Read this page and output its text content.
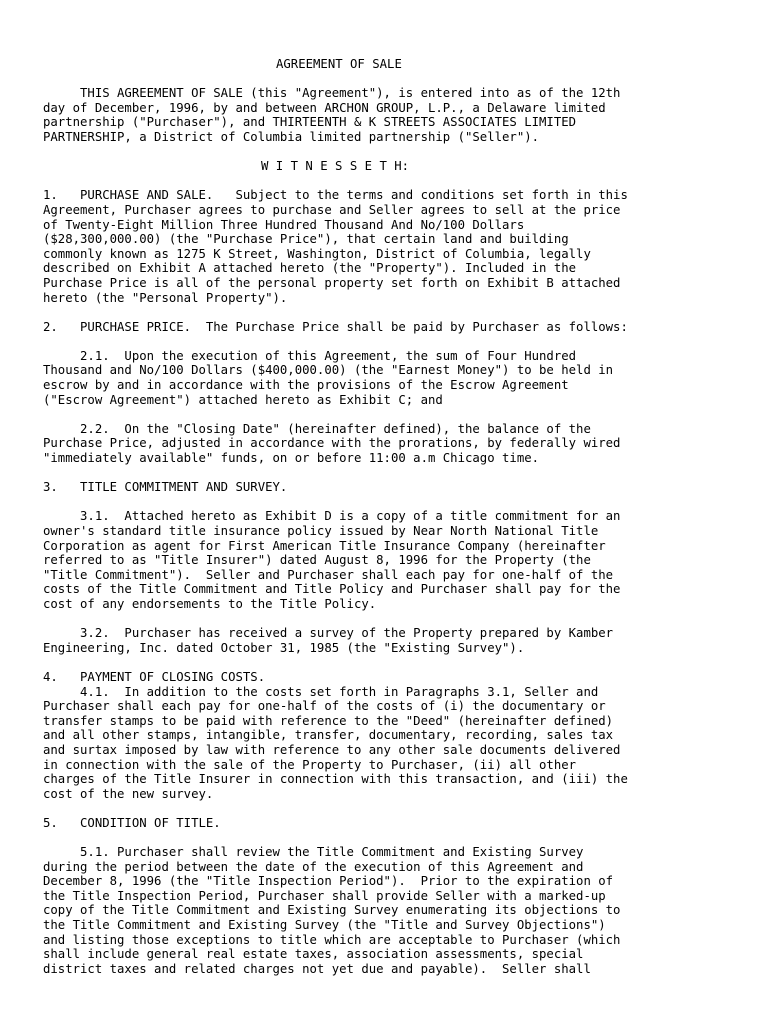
AGREEMENT OF SALE
THIS AGREEMENT OF SALE (this "Agreement"), is entered into as of the 12th
day of December, 1996, by and between ARCHON GROUP, L.P., a Delaware limited
partnership ("Purchaser"), and THIRTEENTH & K STREETS ASSOCIATES LIMITED
PARTNERSHIP, a District of Columbia limited partnership ("Seller").
W I T N E S S E T H:
1.   PURCHASE AND SALE.   Subject to the terms and conditions set forth in this
Agreement, Purchaser agrees to purchase and Seller agrees to sell at the price
of Twenty-Eight Million Three Hundred Thousand And No/100 Dollars
($28,300,000.00) (the "Purchase Price"), that certain land and building
commonly known as 1275 K Street, Washington, District of Columbia, legally
described on Exhibit A attached hereto (the "Property"). Included in the
Purchase Price is all of the personal property set forth on Exhibit B attached
hereto (the "Personal Property").
2.   PURCHASE PRICE.  The Purchase Price shall be paid by Purchaser as follows:
2.1.  Upon the execution of this Agreement, the sum of Four Hundred
Thousand and No/100 Dollars ($400,000.00) (the "Earnest Money") to be held in
escrow by and in accordance with the provisions of the Escrow Agreement
("Escrow Agreement") attached hereto as Exhibit C; and
2.2.  On the "Closing Date" (hereinafter defined), the balance of the
Purchase Price, adjusted in accordance with the prorations, by federally wired
"immediately available" funds, on or before 11:00 a.m Chicago time.
3.   TITLE COMMITMENT AND SURVEY.
3.1.  Attached hereto as Exhibit D is a copy of a title commitment for an
owner's standard title insurance policy issued by Near North National Title
Corporation as agent for First American Title Insurance Company (hereinafter
referred to as "Title Insurer") dated August 8, 1996 for the Property (the
"Title Commitment").  Seller and Purchaser shall each pay for one-half of the
costs of the Title Commitment and Title Policy and Purchaser shall pay for the
cost of any endorsements to the Title Policy.
3.2.  Purchaser has received a survey of the Property prepared by Kamber
Engineering, Inc. dated October 31, 1985 (the "Existing Survey").
4.   PAYMENT OF CLOSING COSTS.
4.1.  In addition to the costs set forth in Paragraphs 3.1, Seller and
Purchaser shall each pay for one-half of the costs of (i) the documentary or
transfer stamps to be paid with reference to the "Deed" (hereinafter defined)
and all other stamps, intangible, transfer, documentary, recording, sales tax
and surtax imposed by law with reference to any other sale documents delivered
in connection with the sale of the Property to Purchaser, (ii) all other
charges of the Title Insurer in connection with this transaction, and (iii) the
cost of the new survey.
5.   CONDITION OF TITLE.
5.1. Purchaser shall review the Title Commitment and Existing Survey
during the period between the date of the execution of this Agreement and
December 8, 1996 (the "Title Inspection Period").  Prior to the expiration of
the Title Inspection Period, Purchaser shall provide Seller with a marked-up
copy of the Title Commitment and Existing Survey enumerating its objections to
the Title Commitment and Existing Survey (the "Title and Survey Objections")
and listing those exceptions to title which are acceptable to Purchaser (which
shall include general real estate taxes, association assessments, special
district taxes and related charges not yet due and payable).  Seller shall
